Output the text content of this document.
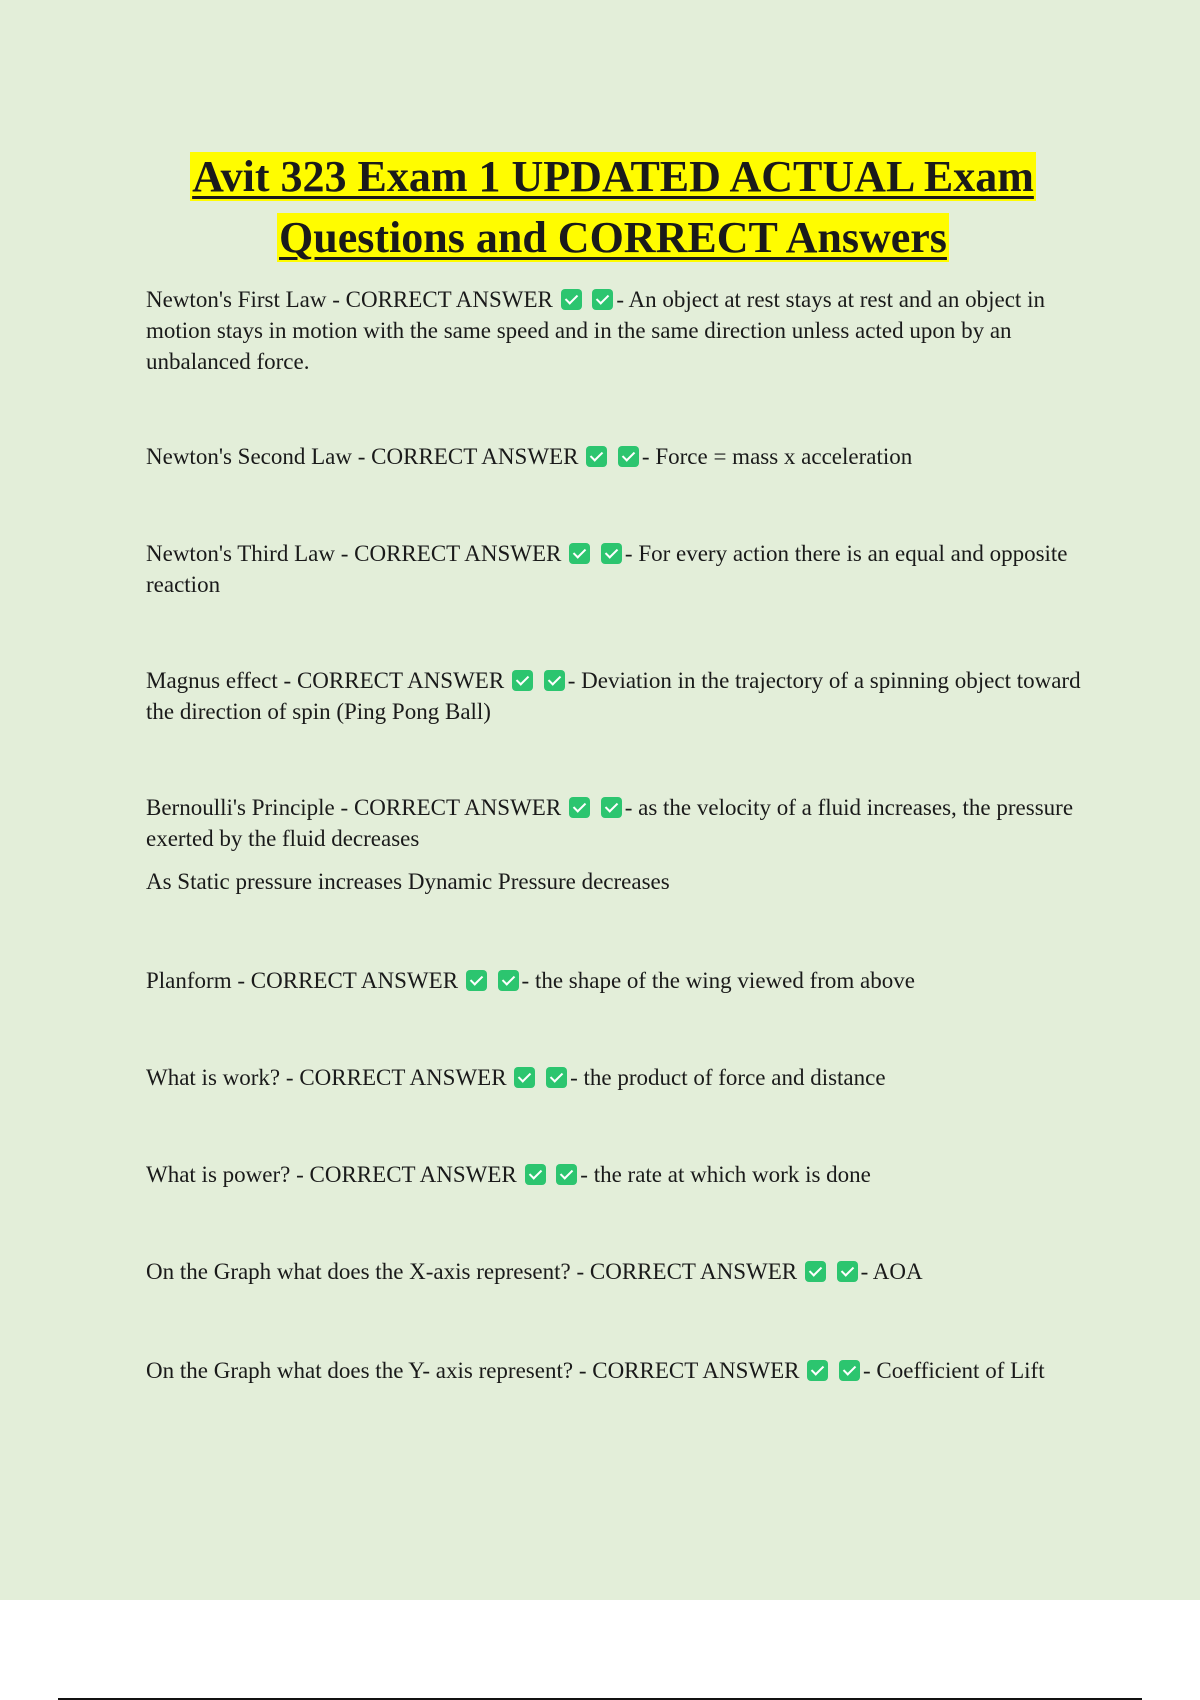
Avit 323 Exam 1 UPDATED ACTUAL Exam
Questions and CORRECT Answers
Newton's First Law - CORRECT ANSWER	- An object at rest stays at rest and an object in motion stays in motion with the same speed and in the same direction unless acted upon by an unbalanced force.
Newton's Second Law - CORRECT ANSWER	- Force = mass x acceleration
Newton's Third Law - CORRECT ANSWER	- For every action there is an equal and opposite reaction
Magnus effect - CORRECT ANSWER	- Deviation in the trajectory of a spinning object toward the direction of spin (Ping Pong Ball)
Bernoulli's Principle - CORRECT ANSWER	- as the velocity of a fluid increases, the pressure exerted by the fluid decreases
As Static pressure increases Dynamic Pressure decreases
Planform - CORRECT ANSWER	- the shape of the wing viewed from above
What is work? - CORRECT ANSWER	- the product of force and distance
What is power? - CORRECT ANSWER	- the rate at which work is done
On the Graph what does the X-axis represent? - CORRECT ANSWER	- AOA
On the Graph what does the Y- axis represent? - CORRECT ANSWER	- Coefficient of Lift
